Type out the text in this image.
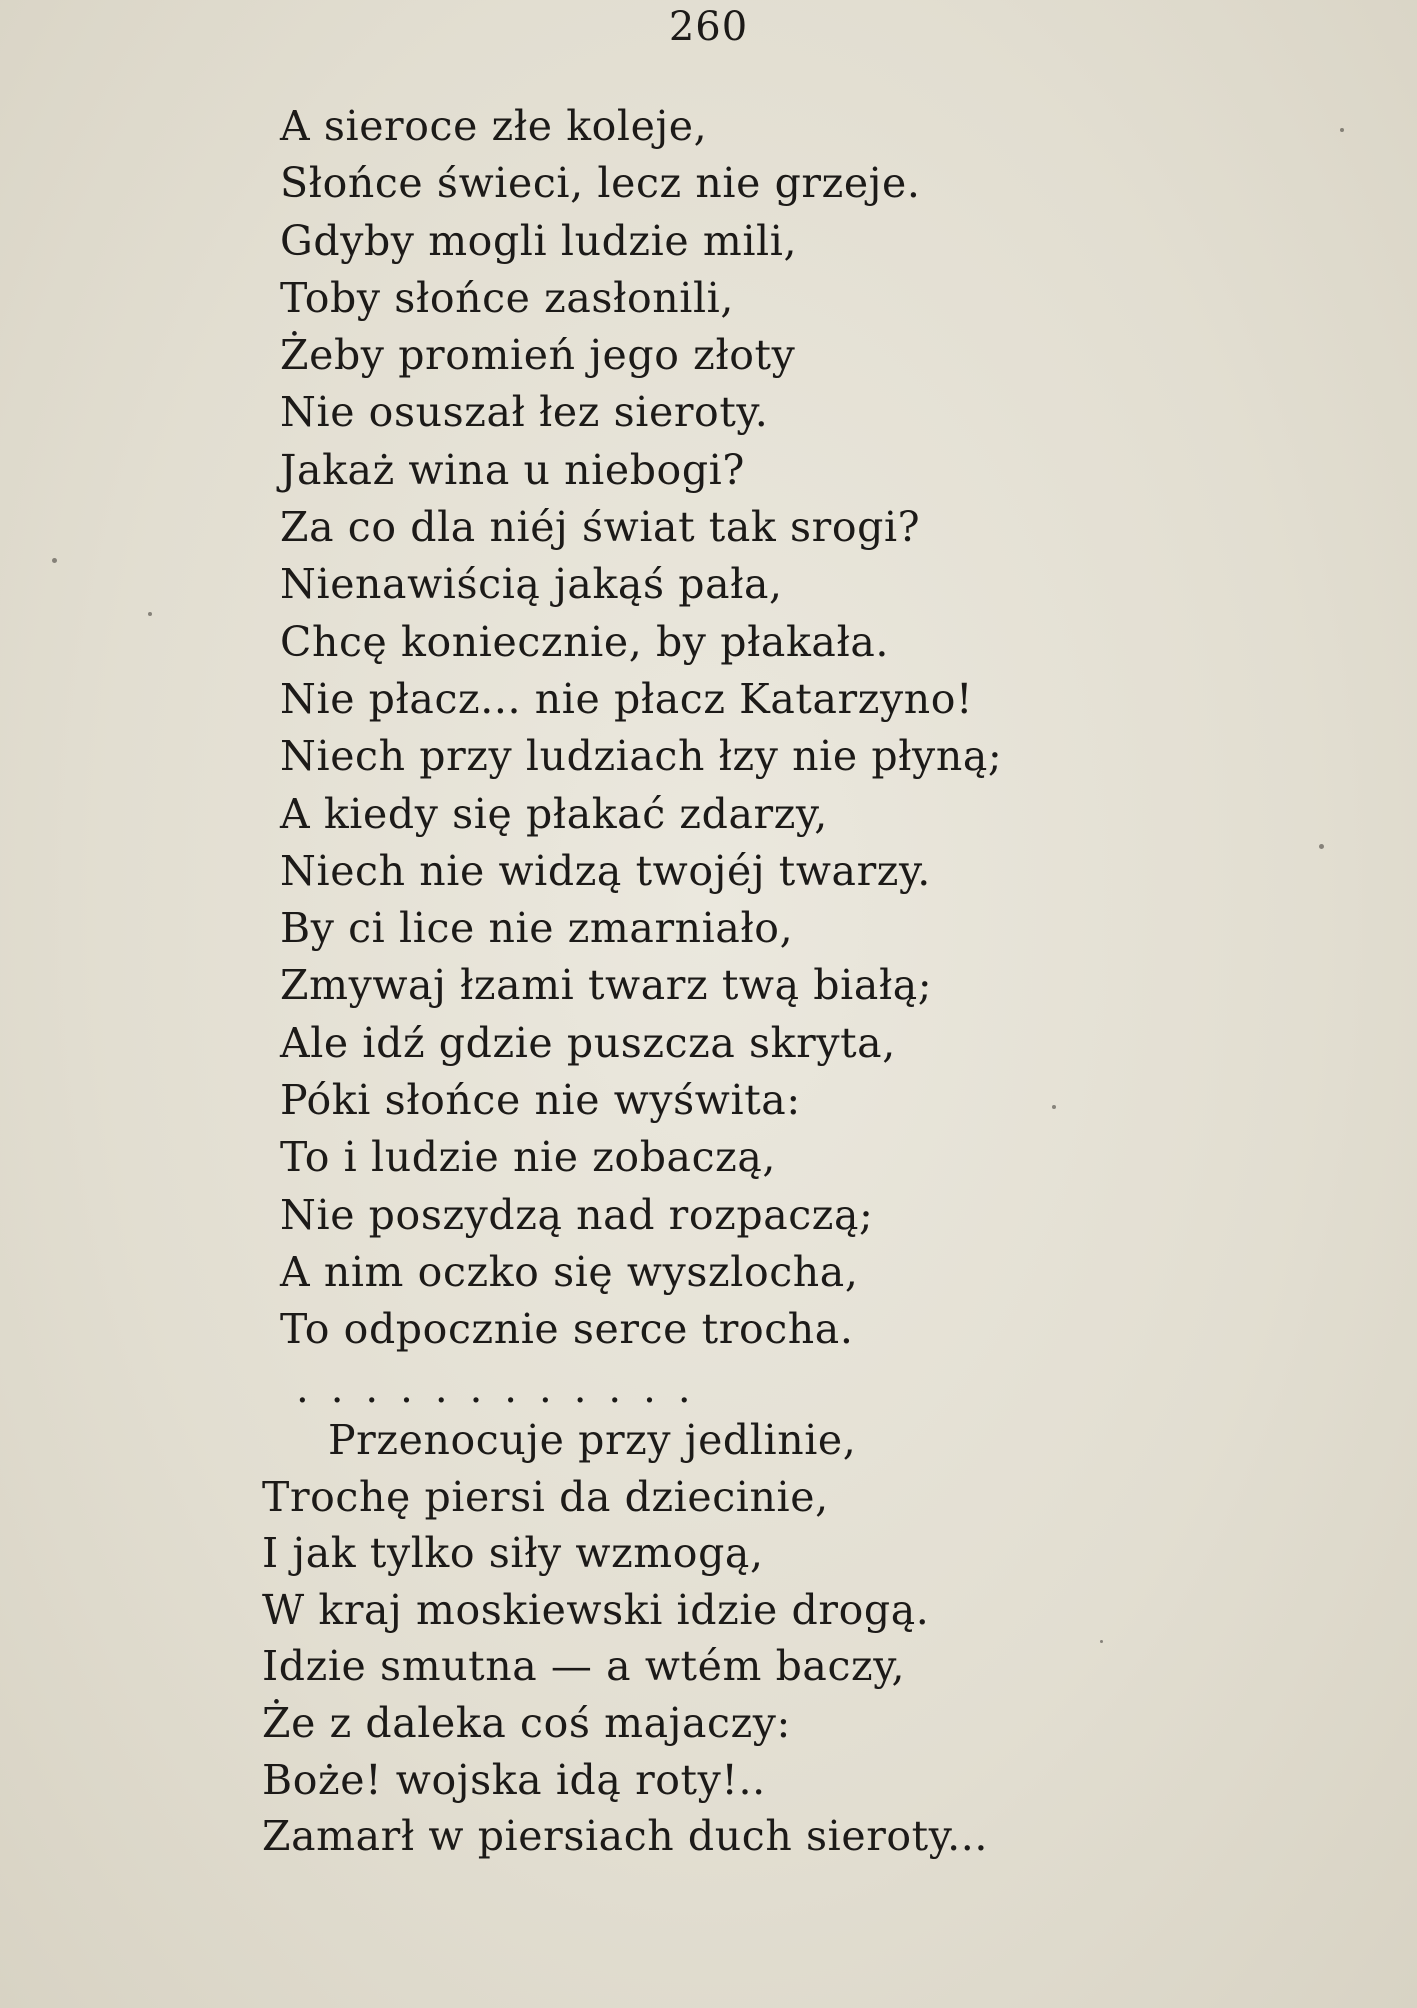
260
A sieroce złe koleje,
Słońce świeci, lecz nie grzeje.
Gdyby mogli ludzie mili,
Toby słońce zasłonili,
Żeby promień jego złoty
Nie osuszał łez sieroty.
Jakaż wina u niebogi?
Za co dla niéj świat tak srogi?
Nienawiścią jakąś pała,
Chcę koniecznie, by płakała.
Nie płacz... nie płacz Katarzyno!
Niech przy ludziach łzy nie płyną;
A kiedy się płakać zdarzy,
Niech nie widzą twojéj twarzy.
By ci lice nie zmarniało,
Zmywaj łzami twarz twą białą;
Ale idź gdzie puszcza skryta,
Póki słońce nie wyświta:
To i ludzie nie zobaczą,
Nie poszydzą nad rozpaczą;
A nim oczko się wyszlocha,
To odpocznie serce trocha.
............
Przenocuje przy jedlinie,
Trochę piersi da dziecinie,
I jak tylko siły wzmogą,
W kraj moskiewski idzie drogą.
Idzie smutna — a wtém baczy,
Że z daleka coś majaczy:
Boże! wojska idą roty!..
Zamarł w piersiach duch sieroty...
